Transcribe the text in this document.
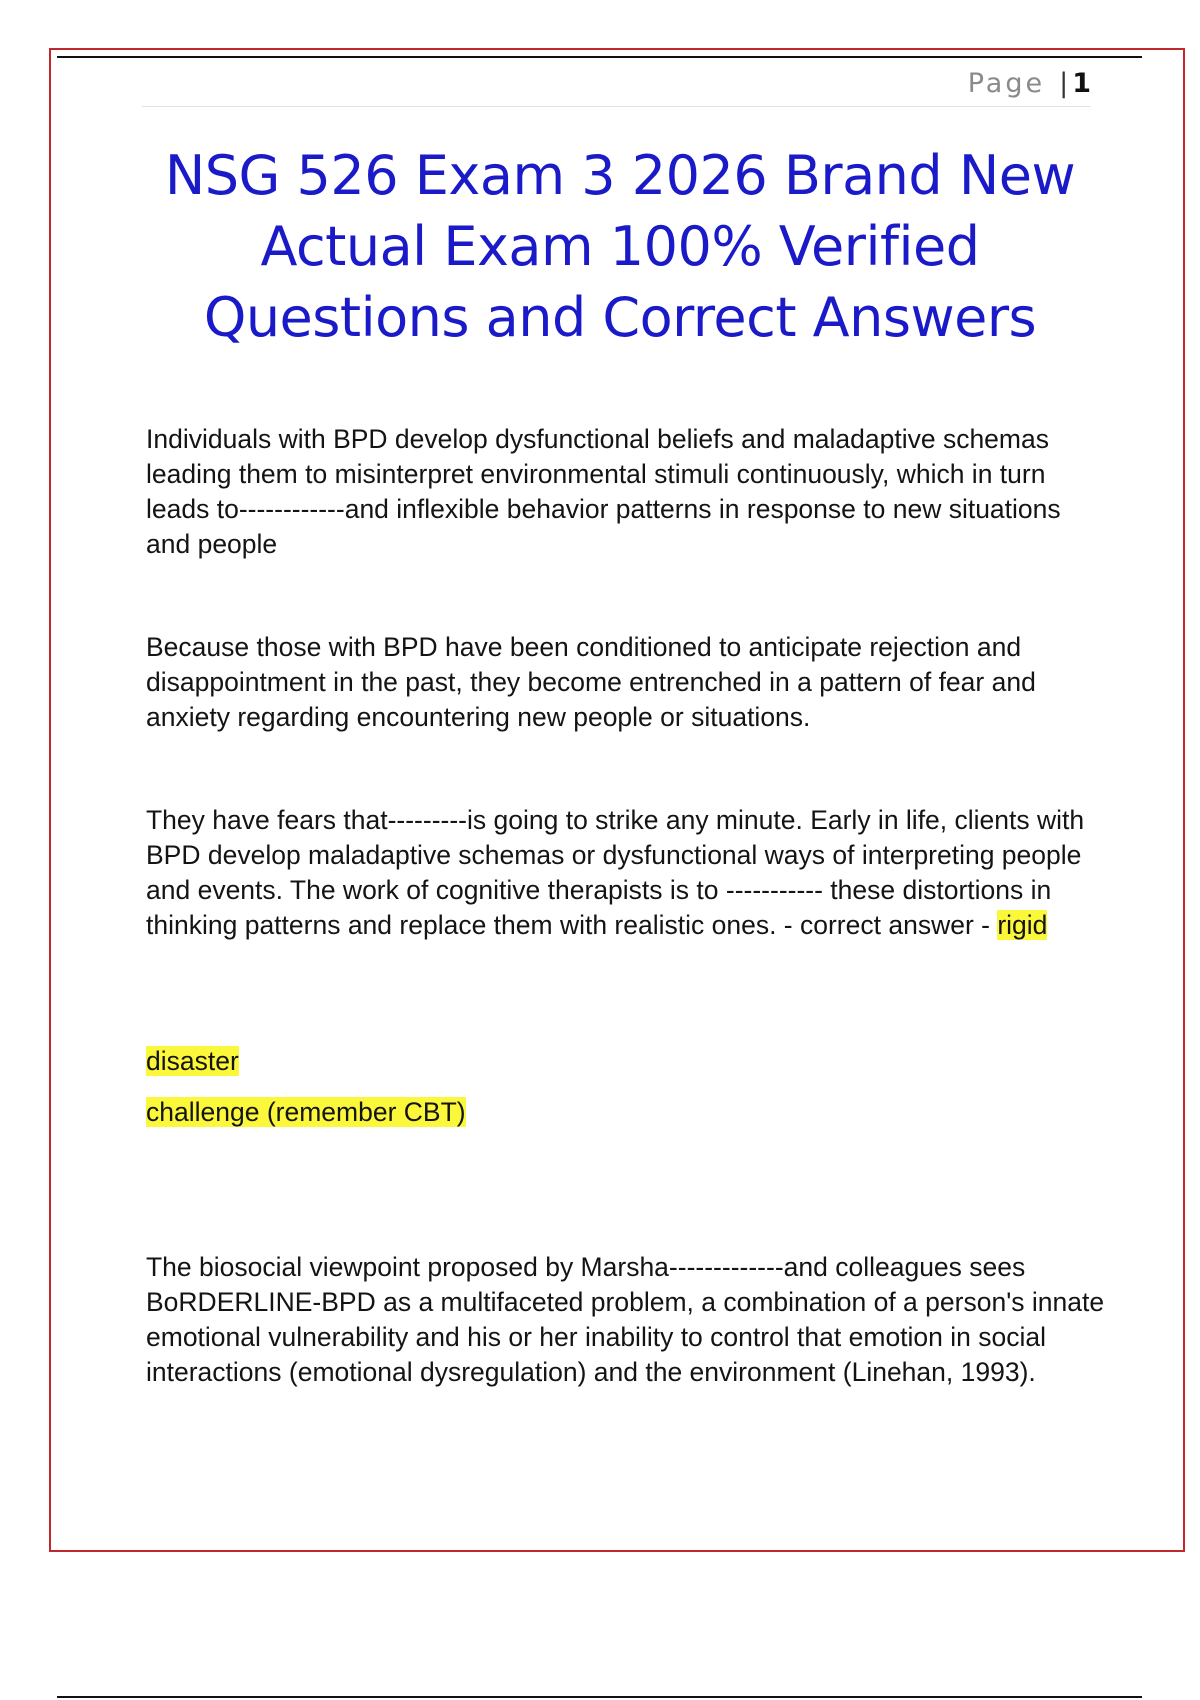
Page | 1
NSG 526 Exam 3 2026 Brand New Actual Exam 100% Verified Questions and Correct Answers

Individuals with BPD develop dysfunctional beliefs and maladaptive schemas leading them to misinterpret environmental stimuli continuously, which in turn leads to------------and inflexible behavior patterns in response to new situations and people

Because those with BPD have been conditioned to anticipate rejection and disappointment in the past, they become entrenched in a pattern of fear and anxiety regarding encountering new people or situations.

They have fears that---------is going to strike any minute. Early in life, clients with BPD develop maladaptive schemas or dysfunctional ways of interpreting people and events. The work of cognitive therapists is to ----------- these distortions in thinking patterns and replace them with realistic ones. - correct answer - rigid

disaster

challenge (remember CBT)

The biosocial viewpoint proposed by Marsha-------------and colleagues sees BoRDERLINE-BPD as a multifaceted problem, a combination of a person's innate emotional vulnerability and his or her inability to control that emotion in social interactions (emotional dysregulation) and the environment (Linehan, 1993).
